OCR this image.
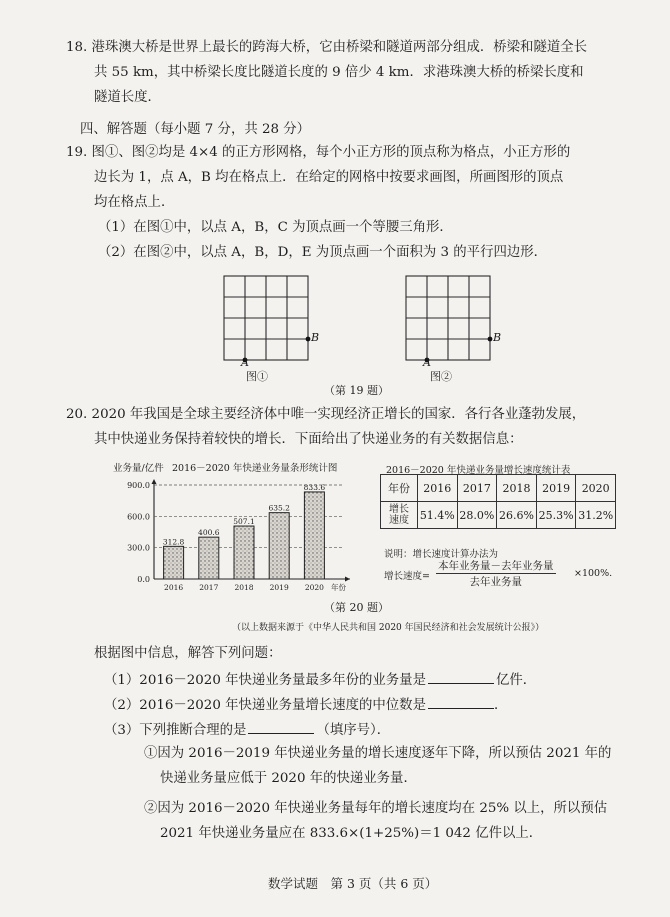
18. 港珠澳大桥是世界上最长的跨海大桥，它由桥梁和隧道两部分组成．桥梁和隧道全长
共 55 km，其中桥梁长度比隧道长度的 9 倍少 4 km．求港珠澳大桥的桥梁长度和
隧道长度．
四、解答题（每小题 7 分，共 28 分）
19. 图①、图②均是 4×4 的正方形网格，每个小正方形的顶点称为格点，小正方形的
边长为 1，点 A，B 均在格点上．在给定的网格中按要求画图，所画图形的顶点
均在格点上．
（1）在图①中，以点 A，B，C 为顶点画一个等腰三角形．
（2）在图②中，以点 A，B，D，E 为顶点画一个面积为 3 的平行四边形．
A
B
图①
A
B
图②
（第 19 题）
20. 2020 年我国是全球主要经济体中唯一实现经济正增长的国家．各行各业蓬勃发展，
其中快递业务保持着较快的增长．下面给出了快递业务的有关数据信息：
业务量/亿件 2016－2020 年快递业务量条形统计图
0.0
300.0
600.0
900.0
312.8
2016
400.6
2017
507.1
2018
635.2
2019
833.6
2020 年份
2016－2020 年快递业务量增长速度统计表
年份	2016	2017	2018	2019	2020
增长
速度	51.4%	28.0%	26.6%	25.3%	31.2%
说明：增长速度计算办法为
增长速度=
本年业务量－去年业务量
去年业务量
×100%.
（第 20 题）
（以上数据来源于《中华人民共和国 2020 年国民经济和社会发展统计公报》）
根据图中信息，解答下列问题：
（1）2016－2020 年快递业务量最多年份的业务量是	亿件．
（2）2016－2020 年快递业务量增长速度的中位数是	．
（3）下列推断合理的是	（填序号）．
①因为 2016－2019 年快递业务量的增长速度逐年下降，所以预估 2021 年的
快递业务量应低于 2020 年的快递业务量．
②因为 2016－2020 年快递业务量每年的增长速度均在 25% 以上，所以预估
2021 年快递业务量应在 833.6×(1+25%)＝1 042 亿件以上．
数学试题　第 3 页（共 6 页）
